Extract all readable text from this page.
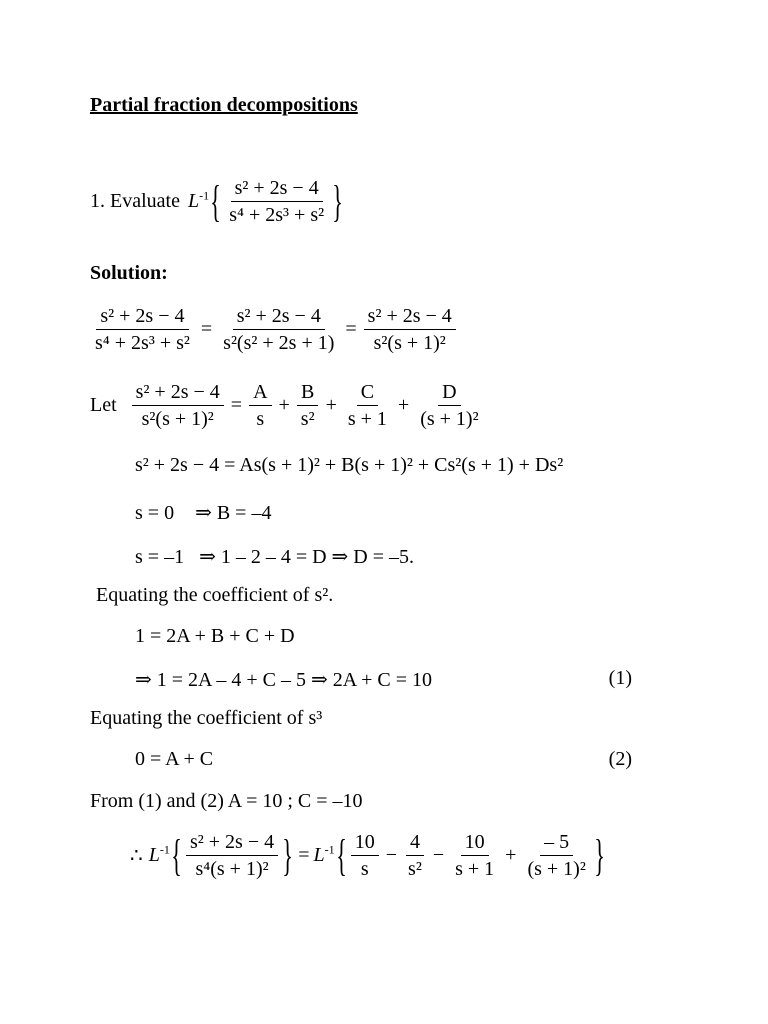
Partial fraction decompositions
1. Evaluate $L^{-1}$ { $\frac{\text{s² + 2s − 4}}{\text{s⁴ + 2s³ + s²}}$ }
Solution:
$\frac{\text{s² + 2s − 4}}{\text{s⁴ + 2s³ + s²}} = \frac{\text{s² + 2s − 4}}{\text{s²(s² + 2s + 1)}} = \frac{\text{s² + 2s − 4}}{\text{s²(s + 1)²}}$
Let $\frac{\text{s² + 2s − 4}}{\text{s²(s + 1)²}} = \frac{A}{s} + \frac{B}{\text{s²}} + \frac{C}{s + 1} + \frac{D}{\text{(s + 1)²}}$
s² + 2s − 4 = As(s + 1)² + B(s + 1)² + Cs²(s + 1) + Ds²
s = 0 ⇒ B = –4
s = –1 ⇒ 1 – 2 – 4 = D ⇒ D = –5.
Equating the coefficient of s².
1 = 2A + B + C + D
⇒ 1 = 2A – 4 + C – 5 ⇒ 2A + C = 10	(1)
Equating the coefficient of s³
0 = A + C	(2)
From (1) and (2) A = 10 ; C = –10
∴ $L^{-1}$ { $\frac{\text{s² + 2s − 4}}{\text{s⁴(s + 1)²}}$ } = $L^{-1}$ { $\frac{10}{s} - \frac{4}{\text{s²}} - \frac{10}{s + 1} + \frac{- 5}{\text{(s + 1)²}}$ }
